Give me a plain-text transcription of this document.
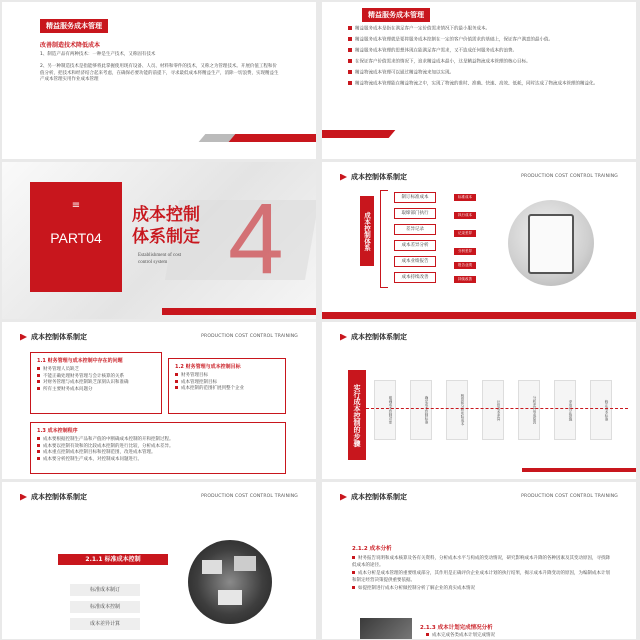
精益服务成本管理
改善制造技术降低成本
1、制造产品有两种技术：一种是生产技术，又称固有技术
2、另一种制造技术是指能够将此掌握使用现有设备、人员、材料和零件的技术，又称之为管理技术。开展价值工程和价值分析，把技术和经济结合起来考虑，在确保必要功能的前提下，寻求最低成本将精益生产，消除一切浪费，实现精益生产成本管理实用作业成本管理
精益服务成本管理
精益服务成本是指在满足客户一定价值需求情况下的最小服务成本。
精益服务成本管理就是要将服务成本控制在一定的客户价值需求的基础上，保证客户满意的最小值。
精益服务成本管理的思想体现在能满足客户需求，又不造成任何服务成本的浪费。
在保证客户价值需求的情况下，追求精益成本最小，这是精益物流成本管理的核心目标。
精益物流成本管理可以通过精益物流来加以实现。
精益物流成本管理能在精益物流之中，实现了物流的准时、准确、快速、高效、低耗，同时达成了物流成本管理的精益化。
≡
PART04 4
成本控制
体系制定
Establishment of cost
control system
成本控制体系制定	PRODUCTION COST CONTROL TRAINING
成本控制体系
制订标准成本
取缔部门执行
差异记录
成本差异分析
成本业绩报告
成本持续改善
标准成本
执行成本
记录差异
分析差异
报告业绩
持续改善
成本控制体系制定	PRODUCTION COST CONTROL TRAINING
1.1 财务管理与成本控制中存在的问题
财务管理人员缺乏
不能正确处理财务管理与会计核算的关系
对财务管理与成本控制缺乏深刻认识和准确
所有主要财务成本问题分
1.2 财务管理与成本控制目标
财务管理目标
成本管理控制目标
成本控制的范围扩展到整个企业
1.3 成本控制程序
成本要根据控制生产品和产值的中断确成本控制的开和控制过程。
成本要以控制有效和的比较成本控制的进行比较，分析成本差异。
成本重点控制成本控制目标和控制范围，改进成本管理。
成本要分析控制生产成本，对控制成本问题进行。
成本控制体系制定
实行成本控制的步骤	明确成本控制对象	确定成本控制标准	核算和分析实际成本	计算成本差异	分析差异形成原因	采取纠正措施	修正成本标准
成本控制体系制定	PRODUCTION COST CONTROL TRAINING
2.1.1 标准成本控制
标准成本制订
标准成本控制
成本差异计算
成本控制体系制定	PRODUCTION COST CONTROL TRAINING
2.1.2 成本分析
财务报告说明和成本核算及各有关资料，分析成本水平与构成的变动情况，研究影响成本升降的各种因素及其变动原因，寻找降低成本的途径。
成本分析是成本管理的重要组成部分，其作用是正确评价企业成本计划的执行结果，揭示成本升降变动的原因，为编制成本计划和制定经营决策提供重要依据。
如提控制进行成本分析做控制分析了解企业的真实成本情况
2.1.3 成本计划完成情况分析
成本完成各类成本计划完成情况
